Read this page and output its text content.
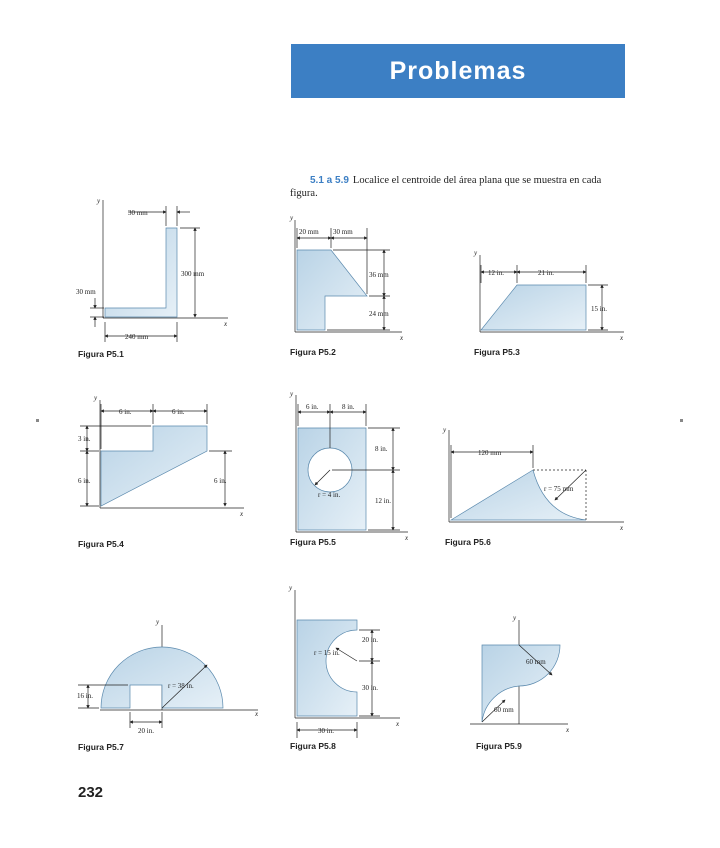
Problemas
5.1 a 5.9 Localice el centroide del área plana que se muestra en cada figura.
30 mm
300 mm
30 mm
240 mm
20 mm 30 mm
36 mm
24 mm
12 in.	21 in.
15 in.
6 in.	6 in.
3 in.
6 in.	6 in.
6 in.	8 in.
8 in.
r = 4 in.
12 in.
120 mm
r = 75 mm
r = 38 in.
16 in.
20 in.
20 in.
r = 15 in.
30 in.
30 in.
60 mm
60 mm
y
x
y
x
y
x
y
x
y
x
y
x
y
x
y
x
y
x
Figura P5.1	Figura P5.2	Figura P5.3
Figura P5.4	Figura P5.5	Figura P5.6
Figura P5.7	Figura P5.8	Figura P5.9
232
